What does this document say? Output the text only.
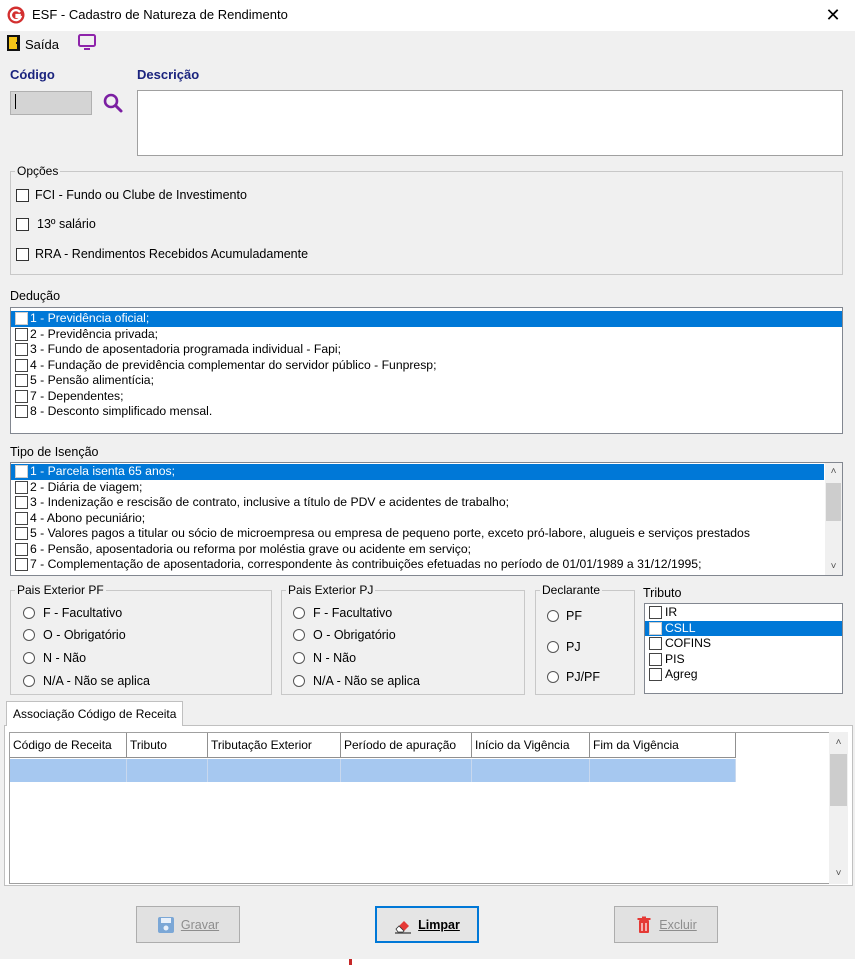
ESF - Cadastro de Natureza de Rendimento	✕
Saída
Código	Descrição
Opções
FCI - Fundo ou Clube de Investimento
13º salário
RRA - Rendimentos Recebidos Acumuladamente
Dedução
1 - Previdência oficial;
2 - Previdência privada;
3 - Fundo de aposentadoria programada individual - Fapi;
4 - Fundação de previdência complementar do servidor público - Funpresp;
5 - Pensão alimentícia;
7 - Dependentes;
8 - Desconto simplificado mensal.
Tipo de Isenção
1 - Parcela isenta 65 anos;
2 - Diária de viagem;
3 - Indenização e rescisão de contrato, inclusive a título de PDV e acidentes de trabalho;
4 - Abono pecuniário;
5 - Valores pagos a titular ou sócio de microempresa ou empresa de pequeno porte, exceto pró-labore, alugueis e serviços prestados
6 - Pensão, aposentadoria ou reforma por moléstia grave ou acidente em serviço;
7 - Complementação de aposentadoria, correspondente às contribuições efetuadas no período de 01/01/1989 a 31/12/1995;
˄
˅
Pais Exterior PF
F - Facultativo
O - Obrigatório
N - Não
N/A - Não se aplica
Pais Exterior PJ
F - Facultativo
O - Obrigatório
N - Não
N/A - Não se aplica
Declarante
PF
PJ
PJ/PF
Tributo
IR
CSLL
COFINS
PIS
Agreg
Associação Código de Receita
Código de Receita	Tributo	Tributação Exterior	Período de apuração	Início da Vigência	Fim da Vigência	˄
˅
Gravar	Limpar	Excluir
